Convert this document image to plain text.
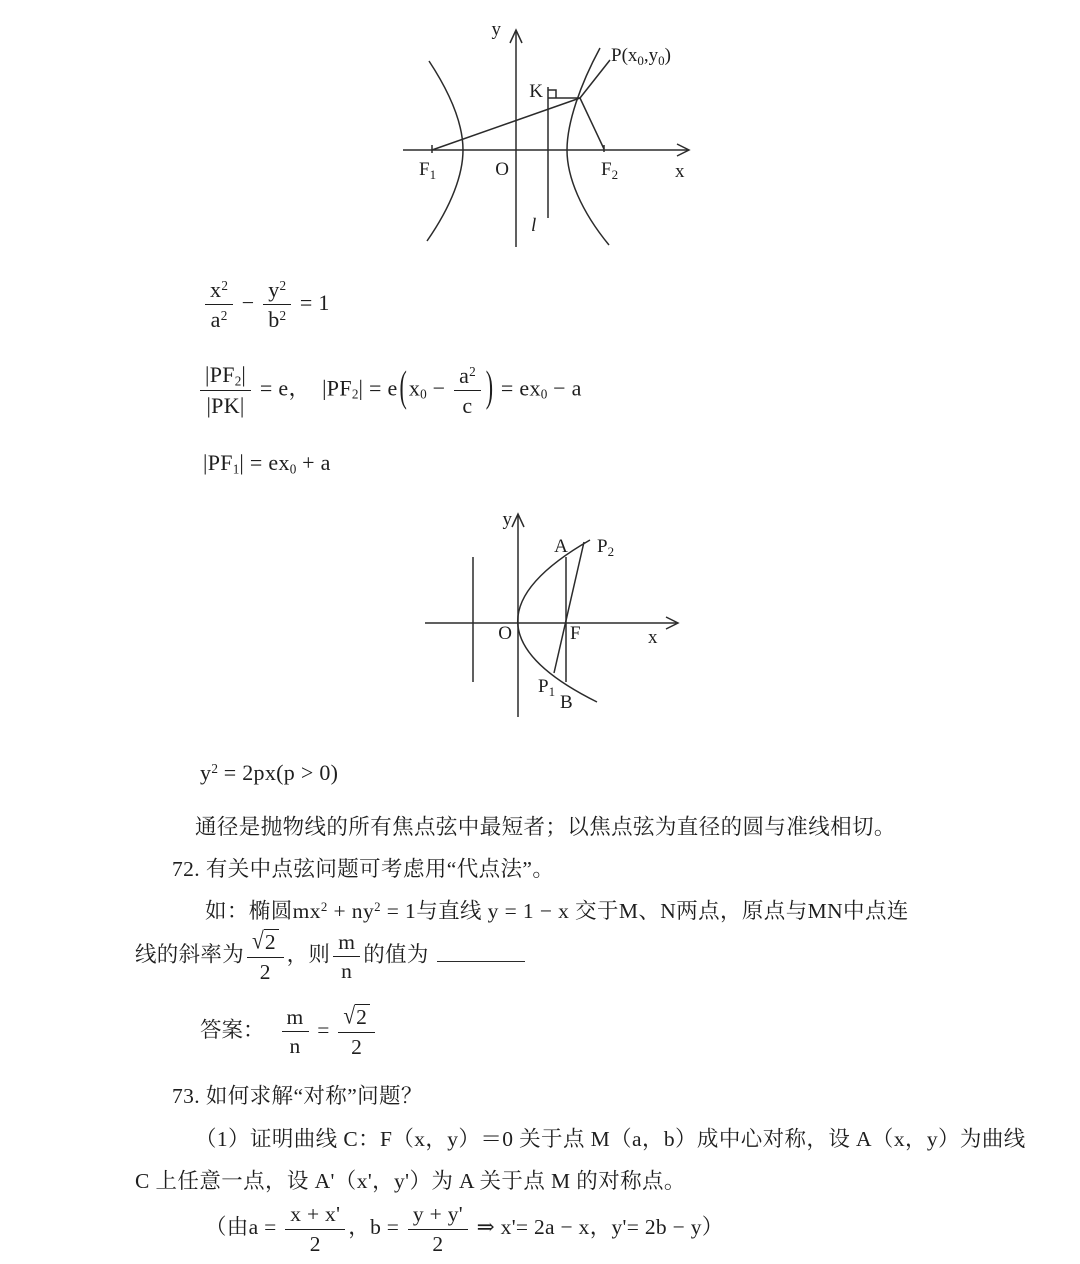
y
x
O
$F_1$	$F_2$
K
l
$P(x_0,y_0)$
$\frac{x^2}{a^2} - \frac{y^2}{b^2} = 1$
$\frac{|PF_2|}{|PK|} = e$， $|PF_2| = e(x_0 - \frac{a^2}{c}$ ) = $ex_0 - a$
$|PF_1| = ex_0 + a$
y
x
O	F
A $P_2$
$P_1$
B
$y^2 = 2px(p > 0)$
通径是抛物线的所有焦点弦中最短者；以焦点弦为直径的圆与准线相切。
72. 有关中点弦问题可考虑用“代点法”。
如：椭圆$mx^2 + ny^2 = 1$与直线 y = 1 − x 交于M、N两点，原点与MN中点连
线的斜率为 $\frac{√2}{2}$ ，则 $\frac{m}{n}$ 的值为
答案： $\frac{m}{n} = \frac{√2}{2}$
73. 如何求解“对称”问题？
（1）证明曲线 C：F（x，y）＝0 关于点 M（a，b）成中心对称，设 A（x，y）为曲线
C 上任意一点，设 A'（x'，y'）为 A 关于点 M 的对称点。
（由$a = \frac{x + x'}{2}$ ，$b = \frac{y + y'}{2}$ ⇒ x'= 2a − x，y'= 2b − y）
